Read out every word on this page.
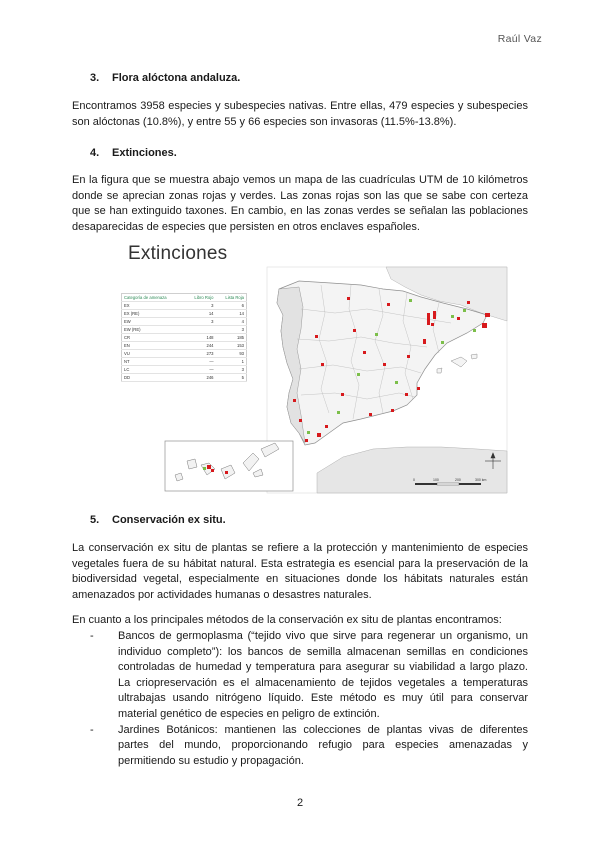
Raúl Vaz
3. Flora alóctona andaluza.
Encontramos 3958 especies y subespecies nativas. Entre ellas, 479 especies y subespecies son alóctonas (10.8%), y entre 55 y 66 especies son invasoras (11.5%-13.8%).
4. Extinciones.
En la figura que se muestra abajo vemos un mapa de las cuadrículas UTM de 10 kilómetros donde se aprecian zonas rojas y verdes. Las zonas rojas son las que se sabe con certeza que se han extinguido taxones. En cambio, en las zonas verdes se señalan las poblaciones desaparecidas de especies que persisten en otros enclaves españoles.
Extinciones
0	100	200	300 km
Categoría de amenaza	Libro Rojo	Lista Roja
EX	3	6
EX (RE)	14	14
EW	3	4
EW (RE)		3
CR	148	185
EN	244	153
VU	273	93
NT	—	1
LC	—	3
DD	246	5
5. Conservación ex situ.
La conservación ex situ de plantas se refiere a la protección y mantenimiento de especies vegetales fuera de su hábitat natural. Esta estrategia es esencial para la preservación de la biodiversidad vegetal, especialmente en situaciones donde los hábitats naturales están amenazados por actividades humanas o desastres naturales.
En cuanto a los principales métodos de la conservación ex situ de plantas encontramos:
- Bancos de germoplasma (“tejido vivo que sirve para regenerar un organismo, un individuo completo”): los bancos de semilla almacenan semillas en condiciones controladas de humedad y temperatura para asegurar su viabilidad a largo plazo. La criopreservación es el almacenamiento de tejidos vegetales a temperaturas ultrabajas usando nitrógeno líquido. Este método es muy útil para conservar material genético de especies en peligro de extinción.
- Jardines Botánicos: mantienen las colecciones de plantas vivas de diferentes partes del mundo, proporcionando refugio para especies amenazadas y permitiendo su estudio y propagación.
2
